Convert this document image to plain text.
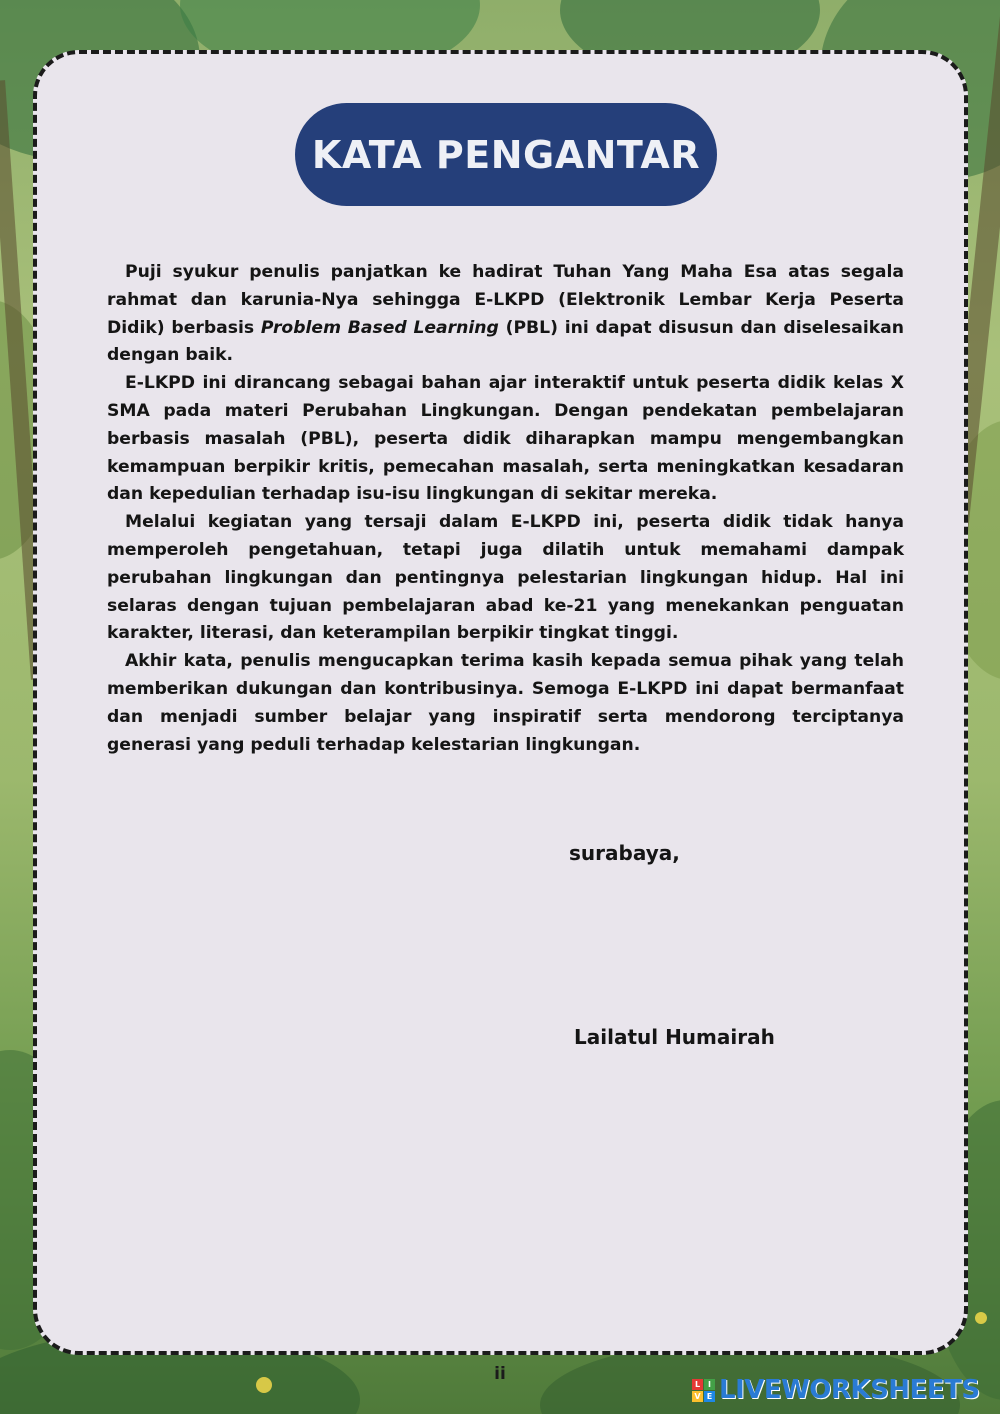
KATA PENGANTAR

Puji syukur penulis panjatkan ke hadirat Tuhan Yang Maha Esa atas segala rahmat dan karunia-Nya sehingga E-LKPD (Elektronik Lembar Kerja Peserta Didik) berbasis Problem Based Learning (PBL) ini dapat disusun dan diselesaikan dengan baik.

E-LKPD ini dirancang sebagai bahan ajar interaktif untuk peserta didik kelas X SMA pada materi Perubahan Lingkungan. Dengan pendekatan pembelajaran berbasis masalah (PBL), peserta didik diharapkan mampu mengembangkan kemampuan berpikir kritis, pemecahan masalah, serta meningkatkan kesadaran dan kepedulian terhadap isu-isu lingkungan di sekitar mereka.

Melalui kegiatan yang tersaji dalam E-LKPD ini, peserta didik tidak hanya memperoleh pengetahuan, tetapi juga dilatih untuk memahami dampak perubahan lingkungan dan pentingnya pelestarian lingkungan hidup. Hal ini selaras dengan tujuan pembelajaran abad ke-21 yang menekankan penguatan karakter, literasi, dan keterampilan berpikir tingkat tinggi.

Akhir kata, penulis mengucapkan terima kasih kepada semua pihak yang telah memberikan dukungan dan kontribusinya. Semoga E-LKPD ini dapat bermanfaat dan menjadi sumber belajar yang inspiratif serta mendorong terciptanya generasi yang peduli terhadap kelestarian lingkungan.

surabaya,
Lailatul Humairah
ii	L I
V E LIVEWORKSHEETS
